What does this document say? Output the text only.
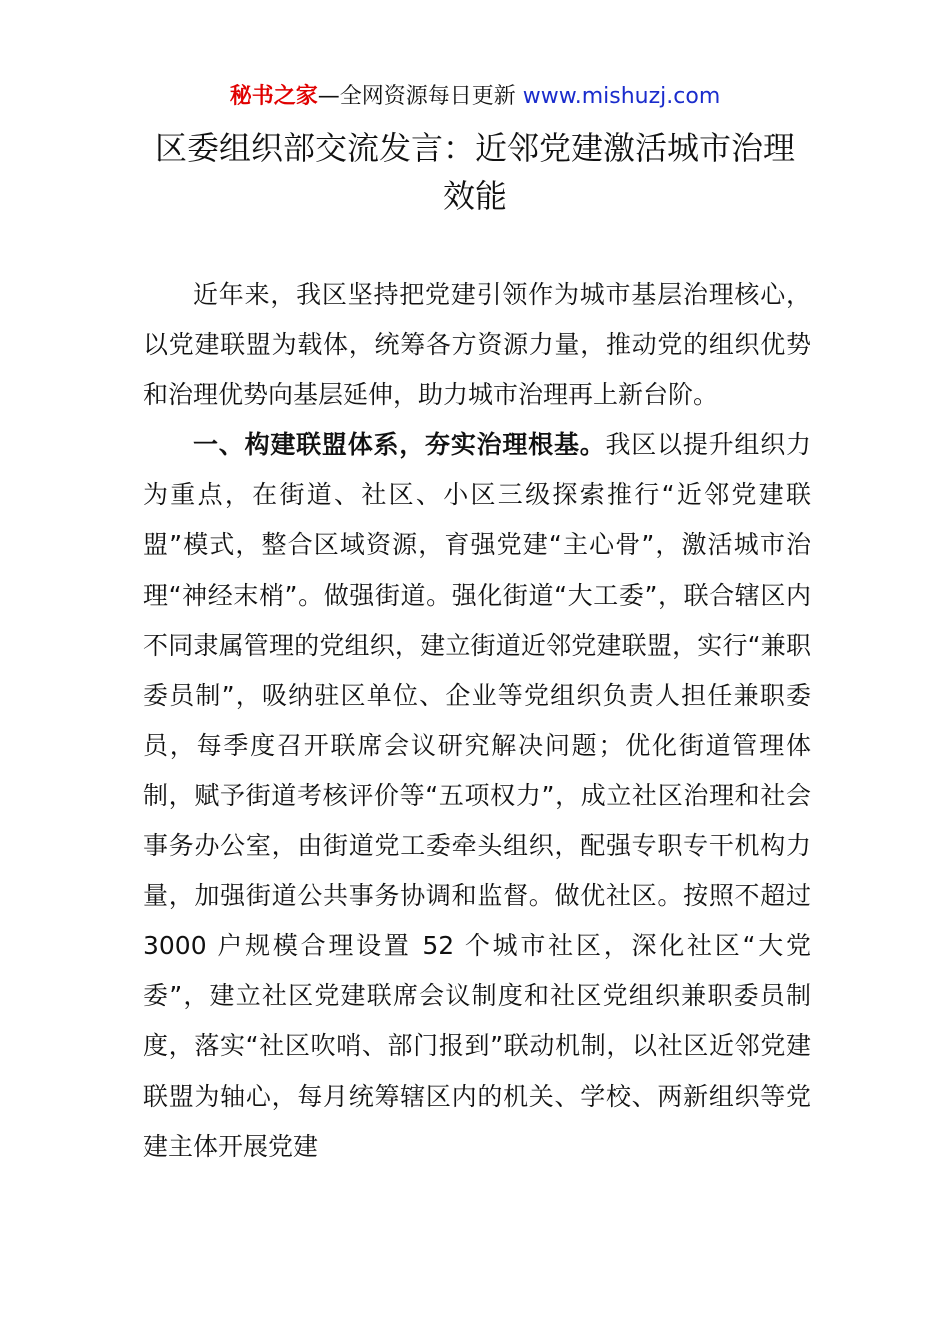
秘书之家—全网资源每日更新 www.mishuzj.com
区委组织部交流发言：近邻党建激活城市治理
效能

近年来，我区坚持把党建引领作为城市基层治理核心，以党建联盟为载体，统筹各方资源力量，推动党的组织优势和治理优势向基层延伸，助力城市治理再上新台阶。

一、构建联盟体系，夯实治理根基。我区以提升组织力为重点，在街道、社区、小区三级探索推行“近邻党建联盟”模式，整合区域资源，育强党建“主心骨”，激活城市治理“神经末梢”。做强街道。强化街道“大工委”，联合辖区内不同隶属管理的党组织，建立街道近邻党建联盟，实行“兼职委员制”，吸纳驻区单位、企业等党组织负责人担任兼职委员，每季度召开联席会议研究解决问题；优化街道管理体制，赋予街道考核评价等“五项权力”，成立社区治理和社会事务办公室，由街道党工委牵头组织，配强专职专干机构力量，加强街道公共事务协调和监督。做优社区。按照不超过 3000 户规模合理设置 52 个城市社区，深化社区“大党委”，建立社区党建联席会议制度和社区党组织兼职委员制度，落实“社区吹哨、部门报到”联动机制，以社区近邻党建联盟为轴心，每月统筹辖区内的机关、学校、两新组织等党建主体开展党建
